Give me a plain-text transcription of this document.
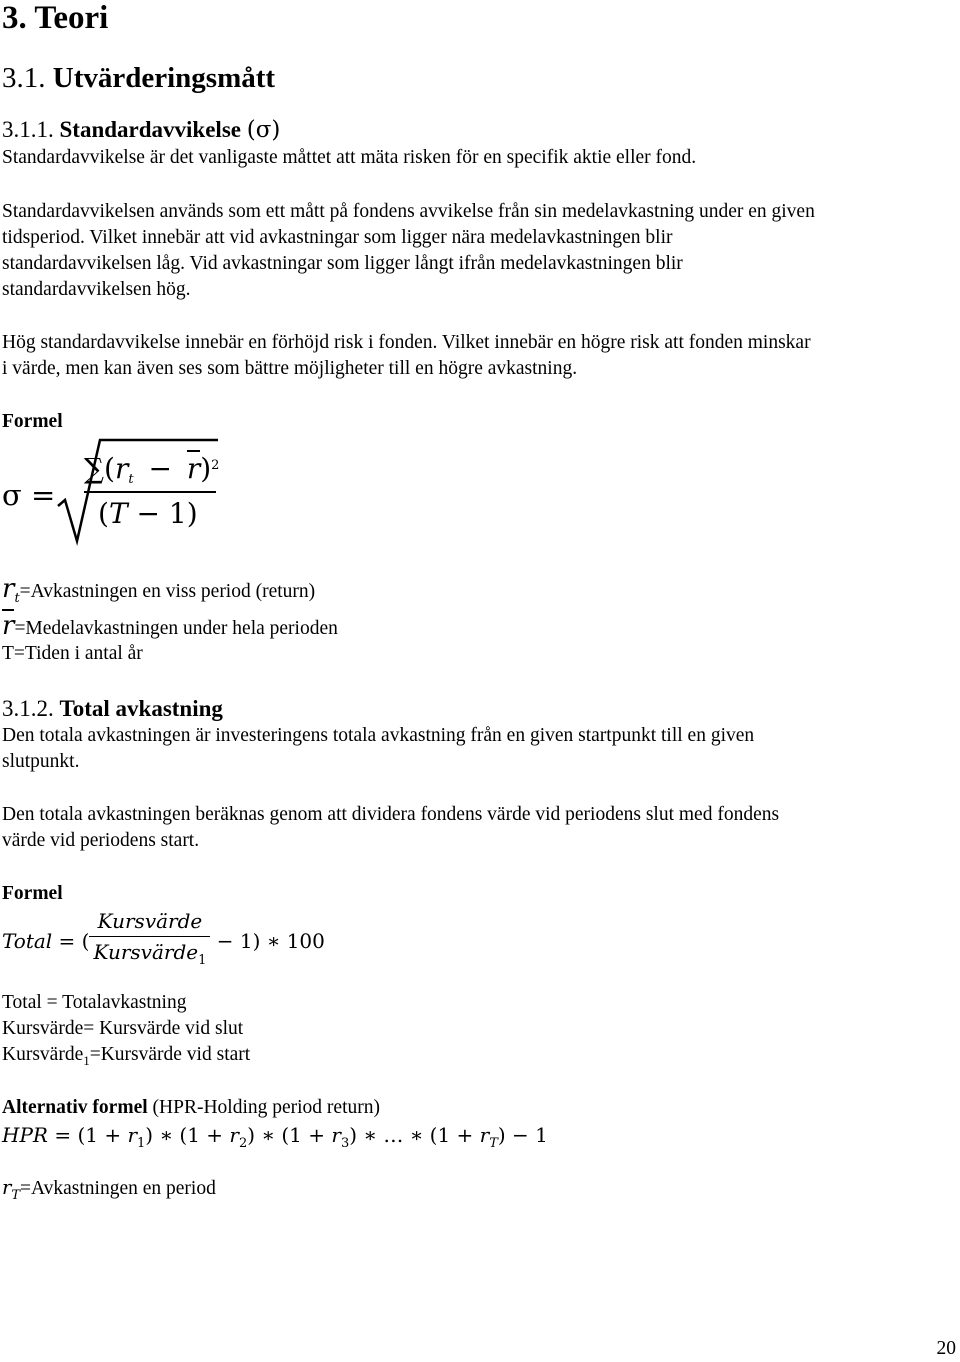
3. Teori
3.1. Utvärderingsmått
3.1.1. Standardavvikelse (σ)
Standardavvikelse är det vanligaste måttet att mäta risken för en specifik aktie eller fond.
Standardavvikelsen används som ett mått på fondens avvikelse från sin medelavkastning under en given
tidsperiod. Vilket innebär att vid avkastningar som ligger nära medelavkastningen blir
standardavvikelsen låg. Vid avkastningar som ligger långt ifrån medelavkastningen blir
standardavvikelsen hög.
Hög standardavvikelse innebär en förhöjd risk i fonden. Vilket innebär en högre risk att fonden minskar
i värde, men kan även ses som bättre möjligheter till en högre avkastning.
Formel
σ =
$\sum(r_t - r)^2$
(T − 1)
$r_t=Avkastningen$ en viss period (return)
r=Medelavkastningen under hela perioden
T=Tiden i antal år
3.1.2. Total avkastning
Den totala avkastningen är investeringens totala avkastning från en given startpunkt till en given
slutpunkt.
Den totala avkastningen beräknas genom att dividera fondens värde vid periodens slut med fondens
värde vid periodens start.
Formel
Total = ( $\frac{\text{Kursvärde}}{Kursvärde_1} - 1$) ∗ 100
Total = Totalavkastning
Kursvärde= Kursvärde vid slut
Kursvärde$_1$=Kursvärde vid start
Alternativ formel (HPR-Holding period return)
HPR = $(1 + r_1)$ ∗ $(1 + r_2)$ ∗ $(1 + r_3)$ ∗ … ∗ $(1 + r_T) - 1$
$r_T=Avkastningen$ en period
20
